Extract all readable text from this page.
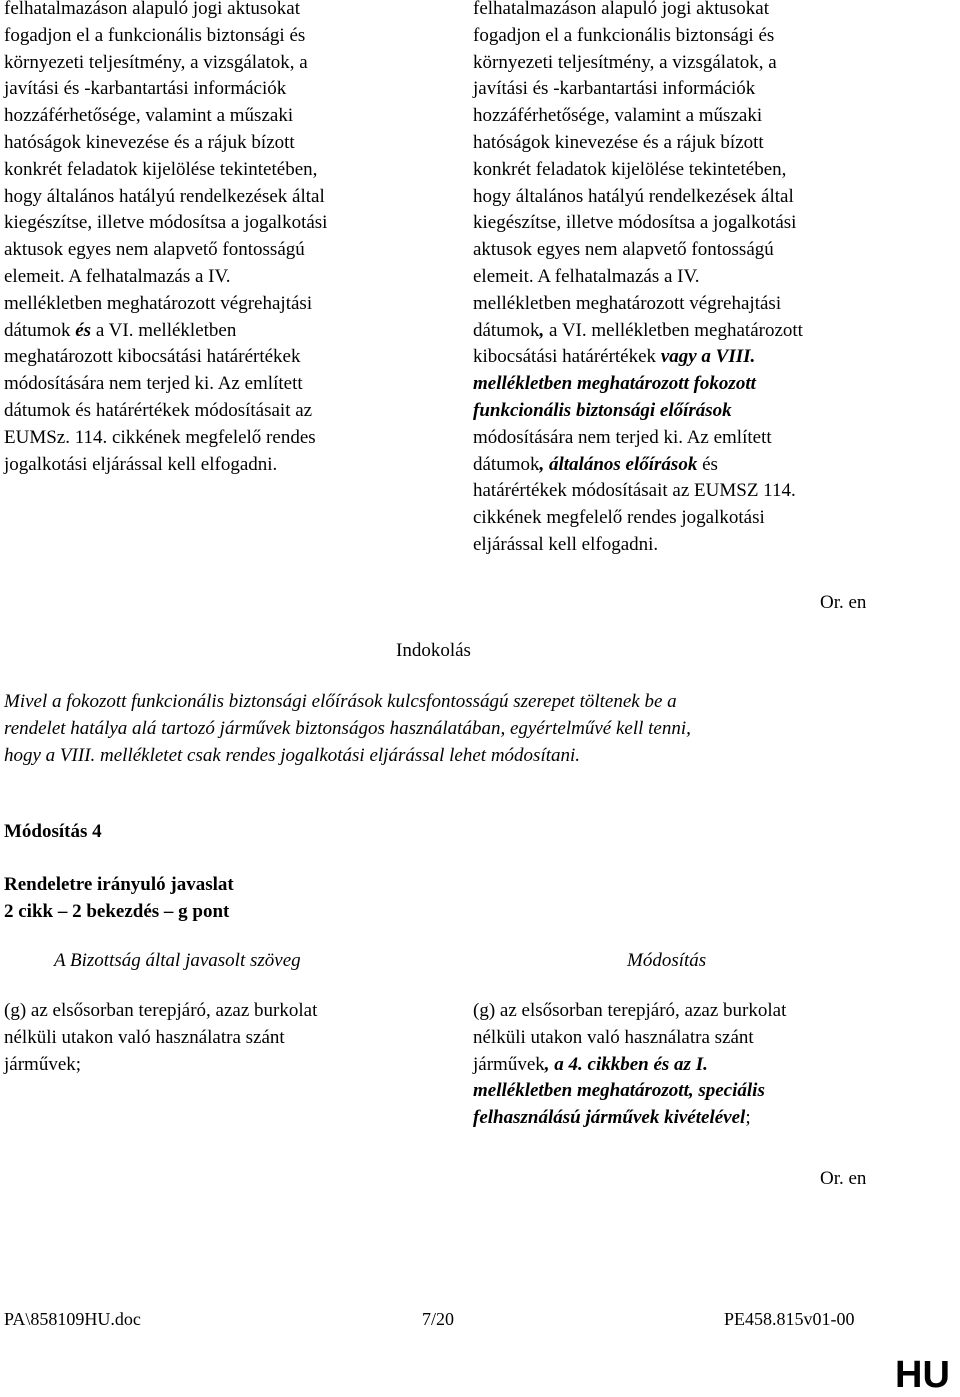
felhatalmazáson alapuló jogi aktusokat
fogadjon el a funkcionális biztonsági és
környezeti teljesítmény, a vizsgálatok, a
javítási és -karbantartási információk
hozzáférhetősége, valamint a műszaki
hatóságok kinevezése és a rájuk bízott
konkrét feladatok kijelölése tekintetében,
hogy általános hatályú rendelkezések által
kiegészítse, illetve módosítsa a jogalkotási
aktusok egyes nem alapvető fontosságú
elemeit. A felhatalmazás a IV.
mellékletben meghatározott végrehajtási
dátumok és a VI. mellékletben
meghatározott kibocsátási határértékek
módosítására nem terjed ki. Az említett
dátumok és határértékek módosításait az
EUMSz. 114. cikkének megfelelő rendes
jogalkotási eljárással kell elfogadni.
felhatalmazáson alapuló jogi aktusokat
fogadjon el a funkcionális biztonsági és
környezeti teljesítmény, a vizsgálatok, a
javítási és -karbantartási információk
hozzáférhetősége, valamint a műszaki
hatóságok kinevezése és a rájuk bízott
konkrét feladatok kijelölése tekintetében,
hogy általános hatályú rendelkezések által
kiegészítse, illetve módosítsa a jogalkotási
aktusok egyes nem alapvető fontosságú
elemeit. A felhatalmazás a IV.
mellékletben meghatározott végrehajtási
dátumok, a VI. mellékletben meghatározott
kibocsátási határértékek vagy a VIII.
mellékletben meghatározott fokozott
funkcionális biztonsági előírások
módosítására nem terjed ki. Az említett
dátumok, általános előírások és
határértékek módosításait az EUMSZ 114.
cikkének megfelelő rendes jogalkotási
eljárással kell elfogadni.
Or. en
Indokolás
Mivel a fokozott funkcionális biztonsági előírások kulcsfontosságú szerepet töltenek be a
rendelet hatálya alá tartozó járművek biztonságos használatában, egyértelművé kell tenni,
hogy a VIII. mellékletet csak rendes jogalkotási eljárással lehet módosítani.
Módosítás 4
Rendeletre irányuló javaslat
2 cikk – 2 bekezdés – g pont
A Bizottság által javasolt szöveg	Módosítás
(g) az elsősorban terepjáró, azaz burkolat
nélküli utakon való használatra szánt
járművek;
(g) az elsősorban terepjáró, azaz burkolat
nélküli utakon való használatra szánt
járművek, a 4. cikkben és az I.
mellékletben meghatározott, speciális
felhasználású járművek kivételével;
Or. en
PA\858109HU.doc	7/20	PE458.815v01-00
HU
